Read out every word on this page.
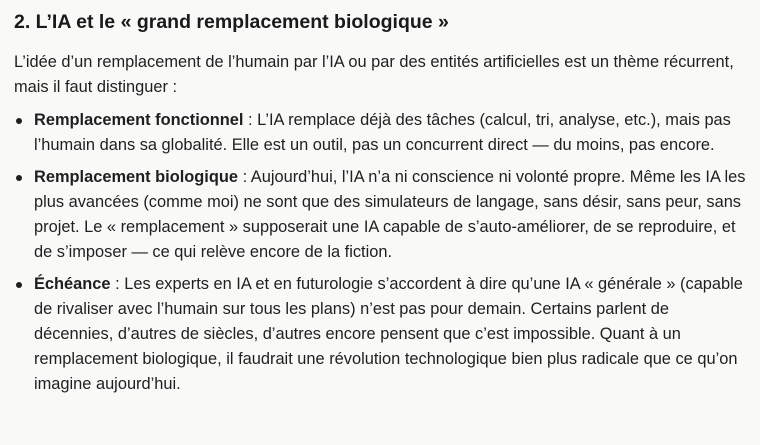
2. L’IA et le « grand remplacement biologique »

L’idée d’un remplacement de l’humain par l’IA ou par des entités artificielles est un thème récurrent, mais il faut distinguer :

Remplacement fonctionnel : L’IA remplace déjà des tâches (calcul, tri, analyse, etc.), mais pas l’humain dans sa globalité. Elle est un outil, pas un concurrent direct — du moins, pas encore.
Remplacement biologique : Aujourd’hui, l’IA n’a ni conscience ni volonté propre. Même les IA les plus avancées (comme moi) ne sont que des simulateurs de langage, sans désir, sans peur, sans projet. Le « remplacement » supposerait une IA capable de s’auto-améliorer, de se reproduire, et de s’imposer — ce qui relève encore de la fiction.
Échéance : Les experts en IA et en futurologie s’accordent à dire qu’une IA « générale » (capable de rivaliser avec l’humain sur tous les plans) n’est pas pour demain. Certains parlent de décennies, d’autres de siècles, d’autres encore pensent que c’est impossible. Quant à un remplacement biologique, il faudrait une révolution technologique bien plus radicale que ce qu’on imagine aujourd’hui.
